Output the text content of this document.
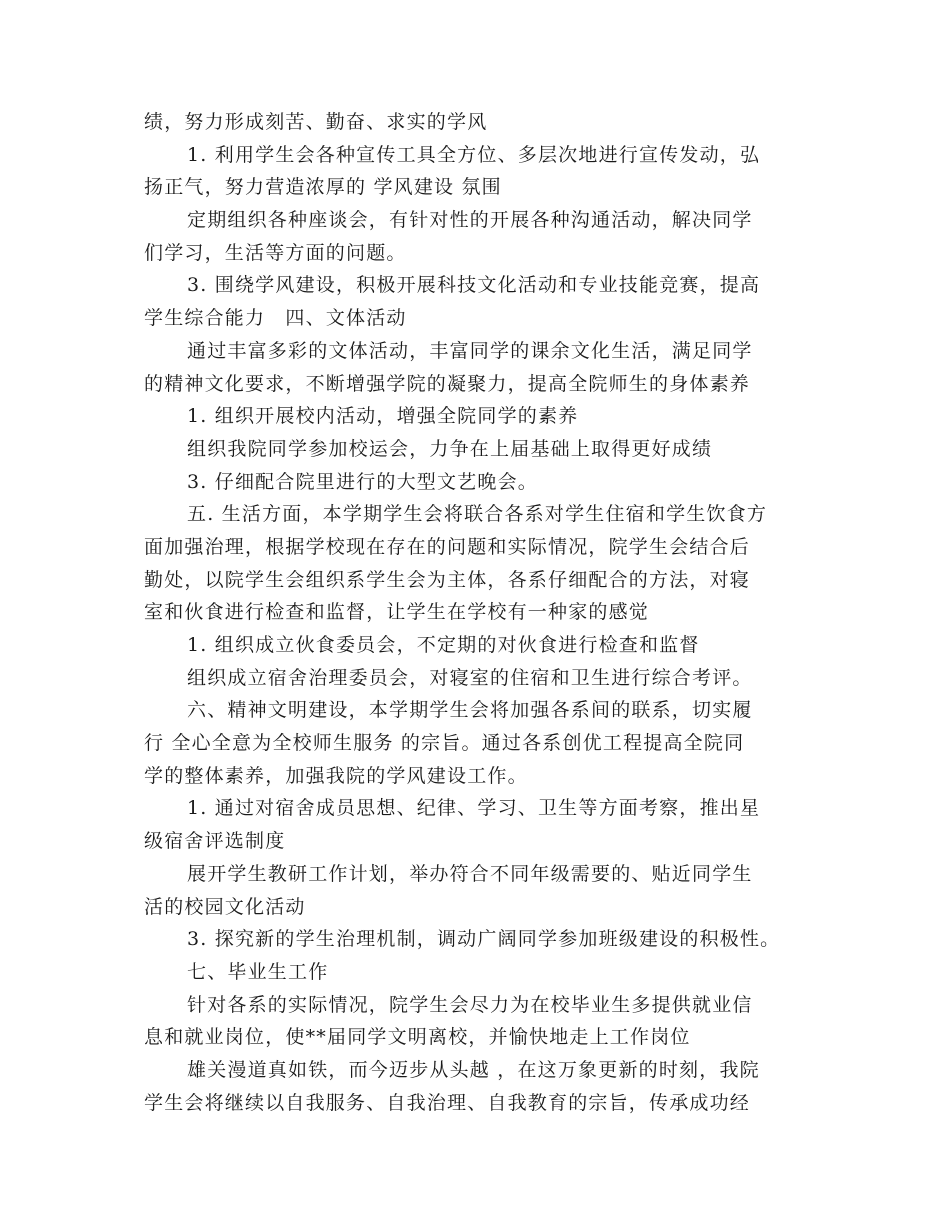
绩，努力形成刻苦、勤奋、求实的学风
1. 利用学生会各种宣传工具全方位、多层次地进行宣传发动，弘
扬正气，努力营造浓厚的 学风建设 氛围
定期组织各种座谈会，有针对性的开展各种沟通活动，解决同学
们学习，生活等方面的问题。
3. 围绕学风建设，积极开展科技文化活动和专业技能竞赛，提高
学生综合能力　四、文体活动
通过丰富多彩的文体活动，丰富同学的课余文化生活，满足同学
的精神文化要求，不断增强学院的凝聚力，提高全院师生的身体素养
1. 组织开展校内活动，增强全院同学的素养
组织我院同学参加校运会，力争在上届基础上取得更好成绩
3. 仔细配合院里进行的大型文艺晚会。
五. 生活方面，本学期学生会将联合各系对学生住宿和学生饮食方
面加强治理，根据学校现在存在的问题和实际情况，院学生会结合后
勤处，以院学生会组织系学生会为主体，各系仔细配合的方法，对寝
室和伙食进行检查和监督，让学生在学校有一种家的感觉
1. 组织成立伙食委员会，不定期的对伙食进行检查和监督
组织成立宿舍治理委员会，对寝室的住宿和卫生进行综合考评。
六、精神文明建设，本学期学生会将加强各系间的联系，切实履
行 全心全意为全校师生服务 的宗旨。通过各系创优工程提高全院同
学的整体素养，加强我院的学风建设工作。
1. 通过对宿舍成员思想、纪律、学习、卫生等方面考察，推出星
级宿舍评选制度
展开学生教研工作计划，举办符合不同年级需要的、贴近同学生
活的校园文化活动
3. 探究新的学生治理机制，调动广阔同学参加班级建设的积极性。
七、毕业生工作
针对各系的实际情况，院学生会尽力为在校毕业生多提供就业信
息和就业岗位，使**届同学文明离校，并愉快地走上工作岗位
雄关漫道真如铁，而今迈步从头越 ，在这万象更新的时刻，我院
学生会将继续以自我服务、自我治理、自我教育的宗旨，传承成功经
